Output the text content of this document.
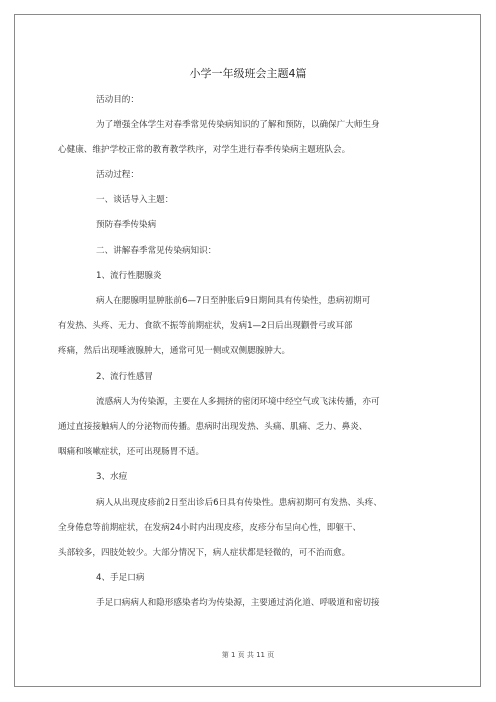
小学一年级班会主题4篇
活动目的：
为了增强全体学生对春季常见传染病知识的了解和预防，以确保广大师生身
心健康、维护学校正常的教育教学秩序，对学生进行春季传染病主题班队会。
活动过程：
一、谈话导入主题：
预防春季传染病
二、讲解春季常见传染病知识：
1、流行性腮腺炎
病人在腮腺明显肿胀前6—7日至肿胀后9日期间具有传染性，患病初期可
有发热、头疼、无力、食欲不振等前期症状，发病1—2日后出现颧骨弓或耳部
疼痛，然后出现唾液腺肿大，通常可见一侧或双侧腮腺肿大。
2、流行性感冒
流感病人为传染源，主要在人多拥挤的密闭环境中经空气或飞沫传播，亦可
通过直接接触病人的分泌物而传播。患病时出现发热、头痛、肌痛、乏力、鼻炎、
咽痛和咳嗽症状，还可出现肠胃不适。
3、水痘
病人从出现皮疹前2日至出诊后6日具有传染性。患病初期可有发热、头疼、
全身倦怠等前期症状，在发病24小时内出现皮疹，皮疹分布呈向心性，即躯干、
头部较多，四肢处较少。大部分情况下，病人症状都是轻微的，可不治而愈。
4、手足口病
手足口病病人和隐形感染者均为传染源，主要通过消化道、呼吸道和密切接
第 1 页 共 11 页
